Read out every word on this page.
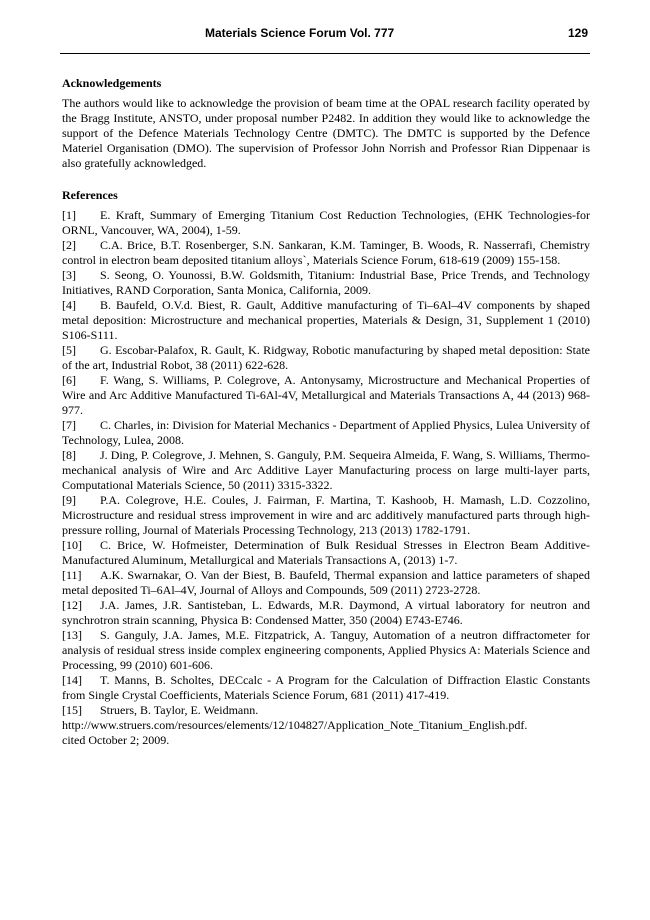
Materials Science Forum Vol. 777	129
Acknowledgements

The authors would like to acknowledge the provision of beam time at the OPAL research facility operated by the Bragg Institute, ANSTO, under proposal number P2482. In addition they would like to acknowledge the support of the Defence Materials Technology Centre (DMTC). The DMTC is supported by the Defence Materiel Organisation (DMO). The supervision of Professor John Norrish and Professor Rian Dippenaar is also gratefully acknowledged.

References
[1] E. Kraft, Summary of Emerging Titanium Cost Reduction Technologies, (EHK Technologies-for ORNL, Vancouver, WA, 2004), 1-59.
[2] C.A. Brice, B.T. Rosenberger, S.N. Sankaran, K.M. Taminger, B. Woods, R. Nasserrafi, Chemistry control in electron beam deposited titanium alloys`, Materials Science Forum, 618-619 (2009) 155-158.
[3] S. Seong, O. Younossi, B.W. Goldsmith, Titanium: Industrial Base, Price Trends, and Technology Initiatives, RAND Corporation, Santa Monica, California, 2009.
[4] B. Baufeld, O.V.d. Biest, R. Gault, Additive manufacturing of Ti–6Al–4V components by shaped metal deposition: Microstructure and mechanical properties, Materials & Design, 31, Supplement 1 (2010) S106-S111.
[5] G. Escobar-Palafox, R. Gault, K. Ridgway, Robotic manufacturing by shaped metal deposition: State of the art, Industrial Robot, 38 (2011) 622-628.
[6] F. Wang, S. Williams, P. Colegrove, A. Antonysamy, Microstructure and Mechanical Properties of Wire and Arc Additive Manufactured Ti-6Al-4V, Metallurgical and Materials Transactions A, 44 (2013) 968-977.
[7] C. Charles, in: Division for Material Mechanics - Department of Applied Physics, Lulea University of Technology, Lulea, 2008.
[8] J. Ding, P. Colegrove, J. Mehnen, S. Ganguly, P.M. Sequeira Almeida, F. Wang, S. Williams, Thermo-mechanical analysis of Wire and Arc Additive Layer Manufacturing process on large multi-layer parts, Computational Materials Science, 50 (2011) 3315-3322.
[9] P.A. Colegrove, H.E. Coules, J. Fairman, F. Martina, T. Kashoob, H. Mamash, L.D. Cozzolino, Microstructure and residual stress improvement in wire and arc additively manufactured parts through high-pressure rolling, Journal of Materials Processing Technology, 213 (2013) 1782-1791.
[10] C. Brice, W. Hofmeister, Determination of Bulk Residual Stresses in Electron Beam Additive-Manufactured Aluminum, Metallurgical and Materials Transactions A, (2013) 1-7.
[11] A.K. Swarnakar, O. Van der Biest, B. Baufeld, Thermal expansion and lattice parameters of shaped metal deposited Ti–6Al–4V, Journal of Alloys and Compounds, 509 (2011) 2723-2728.
[12] J.A. James, J.R. Santisteban, L. Edwards, M.R. Daymond, A virtual laboratory for neutron and synchrotron strain scanning, Physica B: Condensed Matter, 350 (2004) E743-E746.
[13] S. Ganguly, J.A. James, M.E. Fitzpatrick, A. Tanguy, Automation of a neutron diffractometer for analysis of residual stress inside complex engineering components, Applied Physics A: Materials Science and Processing, 99 (2010) 601-606.
[14] T. Manns, B. Scholtes, DECcalc - A Program for the Calculation of Diffraction Elastic Constants from Single Crystal Coefficients, Materials Science Forum, 681 (2011) 417-419.
[15] Struers, B. Taylor, E. Weidmann.
http://www.struers.com/resources/elements/12/104827/Application_Note_Titanium_English.pdf.
cited October 2; 2009.
